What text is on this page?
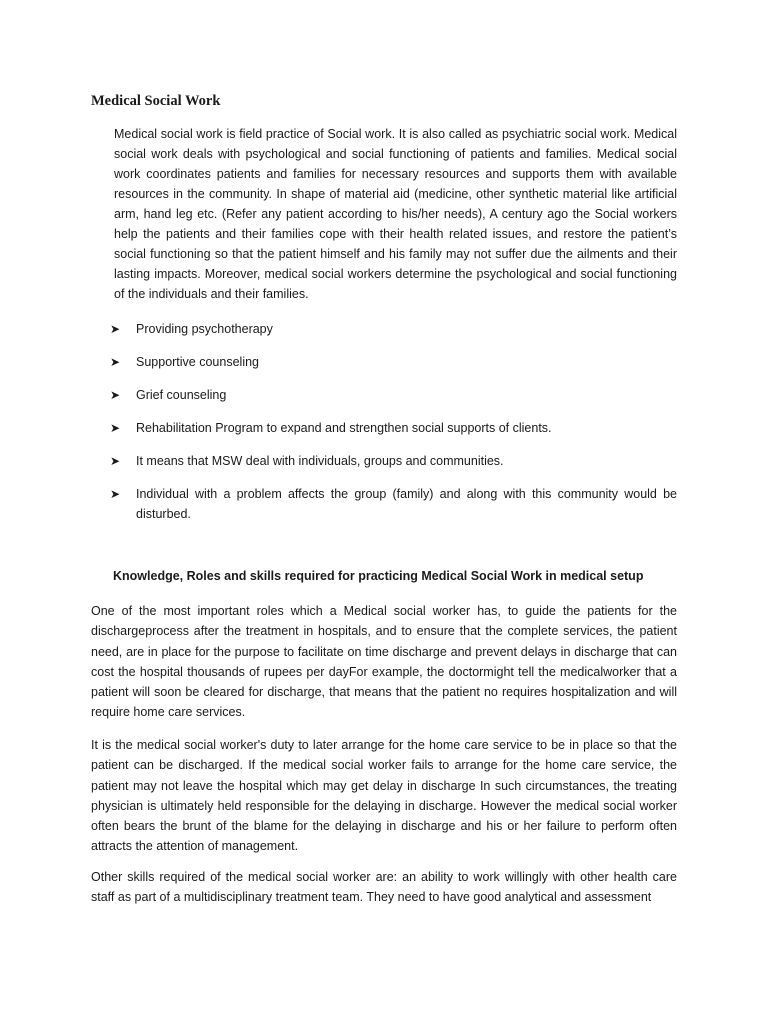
Medical Social Work

Medical social work is field practice of Social work. It is also called as psychiatric social work. Medical social work deals with psychological and social functioning of patients and families. Medical social work coordinates patients and families for necessary resources and supports them with available resources in the community. In shape of material aid (medicine, other synthetic material like artificial arm, hand leg etc. (Refer any patient according to his/her needs), A century ago the Social workers help the patients and their families cope with their health related issues, and restore the patient’s social functioning so that the patient himself and his family may not suffer due the ailments and their lasting impacts. Moreover, medical social workers determine the psychological and social functioning of the individuals and their families.

➤ Providing psychotherapy
➤ Supportive counseling
➤ Grief counseling
➤ Rehabilitation Program to expand and strengthen social supports of clients.
➤ It means that MSW deal with individuals, groups and communities.
➤ Individual with a problem affects the group (family) and along with this community would be disturbed.
Knowledge, Roles and skills required for practicing Medical Social Work in medical setup

One of the most important roles which a Medical social worker has, to guide the patients for the dischargeprocess after the treatment in hospitals, and to ensure that the complete services, the patient need, are in place for the purpose to facilitate on time discharge and prevent delays in discharge that can cost the hospital thousands of rupees per dayFor example, the doctormight tell the medicalworker that a patient will soon be cleared for discharge, that means that the patient no requires hospitalization and will require home care services.

It is the medical social worker's duty to later arrange for the home care service to be in place so that the patient can be discharged. If the medical social worker fails to arrange for the home care service, the patient may not leave the hospital which may get delay in discharge In such circumstances, the treating physician is ultimately held responsible for the delaying in discharge. However the medical social worker often bears the brunt of the blame for the delaying in discharge and his or her failure to perform often attracts the attention of management.

Other skills required of the medical social worker are: an ability to work willingly with other health care staff as part of a multidisciplinary treatment team. They need to have good analytical and assessment
